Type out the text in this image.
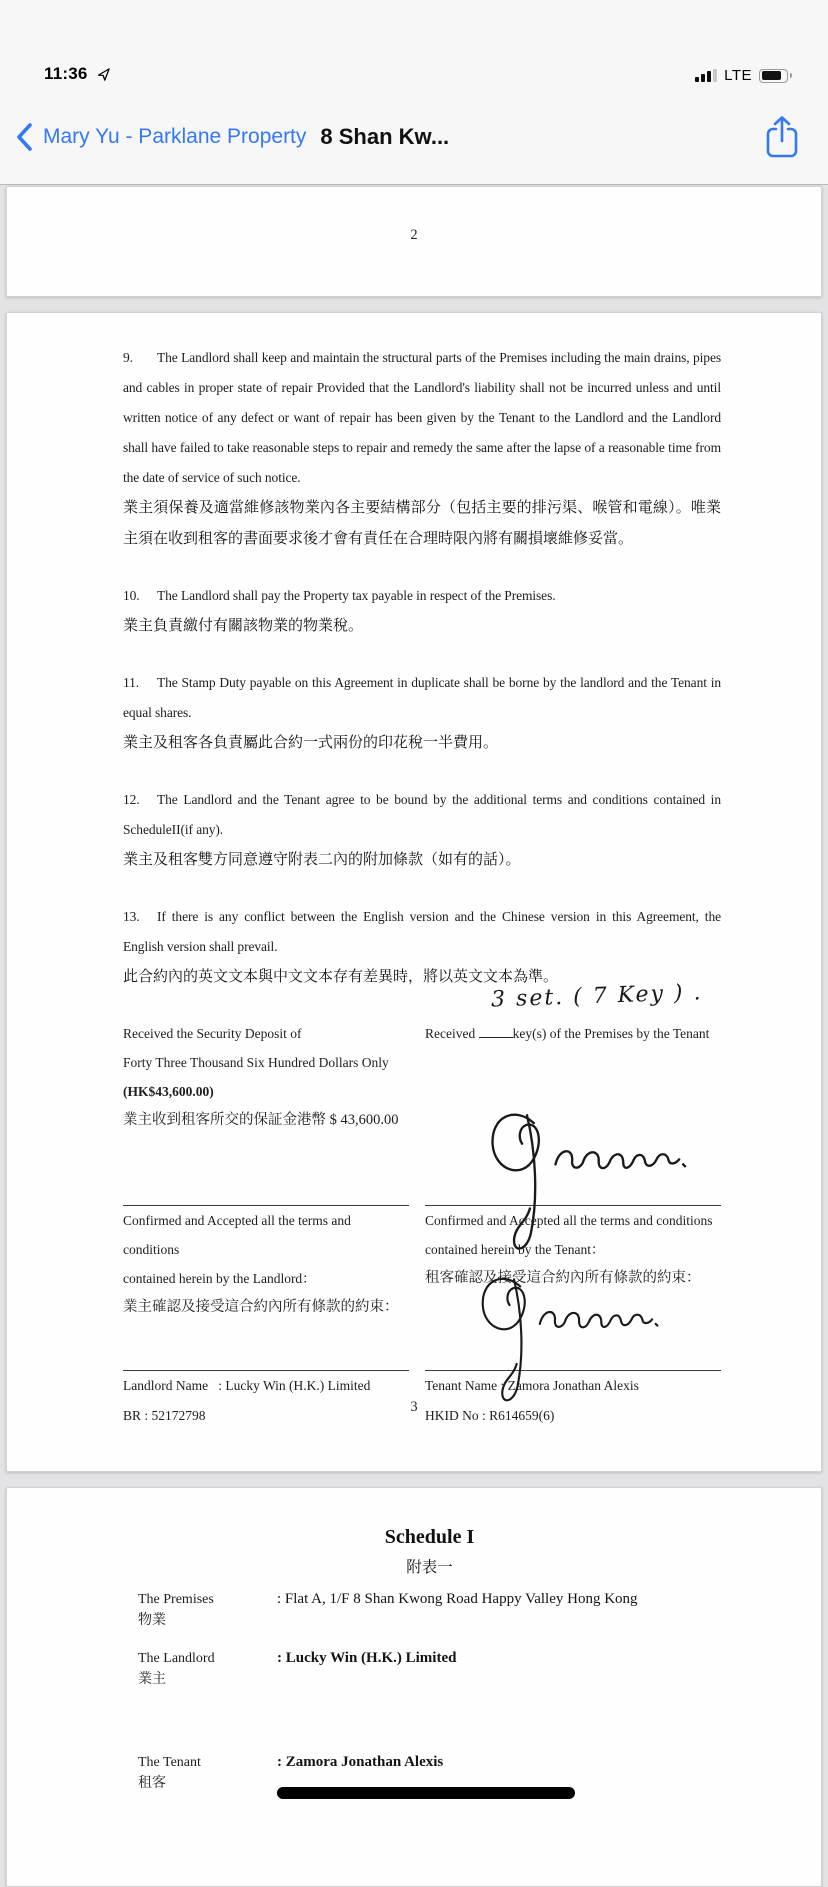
11:36	LTE
Mary Yu - Parklane Property 8 Shan Kw...
2

9. The Landlord shall keep and maintain the structural parts of the Premises including the main drains, pipes and cables in proper state of repair Provided that the Landlord's liability shall not be incurred unless and until written notice of any defect or want of repair has been given by the Tenant to the Landlord and the Landlord shall have failed to take reasonable steps to repair and remedy the same after the lapse of a reasonable time from the date of service of such notice.

業主須保養及適當維修該物業內各主要結構部分（包括主要的排污渠、喉管和電線）。唯業主須在收到租客的書面要求後才會有責任在合理時限內將有關損壞維修妥當。

10. The Landlord shall pay the Property tax payable in respect of the Premises.

業主負責繳付有關該物業的物業稅。

11. The Stamp Duty payable on this Agreement in duplicate shall be borne by the landlord and the Tenant in equal shares.

業主及租客各負責屬此合約一式兩份的印花稅一半費用。

12. The Landlord and the Tenant agree to be bound by the additional terms and conditions contained in ScheduleII(if any).

業主及租客雙方同意遵守附表二內的附加條款（如有的話）。

13. If there is any conflict between the English version and the Chinese version in this Agreement, the English version shall prevail.

此合約內的英文文本與中文文本存有差異時，將以英文文本為準。

Received the Security Deposit of

Forty Three Thousand Six Hundred Dollars Only

(HK$43,600.00)

業主收到租客所交的保証金港幣 $ 43,600.00

3 set. ( 7 Key ) .

Received	key(s) of the Premises by the Tenant

Confirmed and Accepted all the terms and conditions

contained herein by the Landlord：

業主確認及接受這合約內所有條款的約束：

Confirmed and Accepted all the terms and conditions

contained herein by the Tenant：

租客確認及接受這合約內所有條款的約束：

Landlord Name   : Lucky Win (H.K.) Limited

BR : 52172798

Tenant Name : Zamora Jonathan Alexis

HKID No : R614659(6)

3

Schedule I

附表一

The Premises

物業

: Flat A, 1/F 8 Shan Kwong Road Happy Valley Hong Kong

The Landlord

業主

: Lucky Win (H.K.) Limited

The Tenant

租客

: Zamora Jonathan Alexis
